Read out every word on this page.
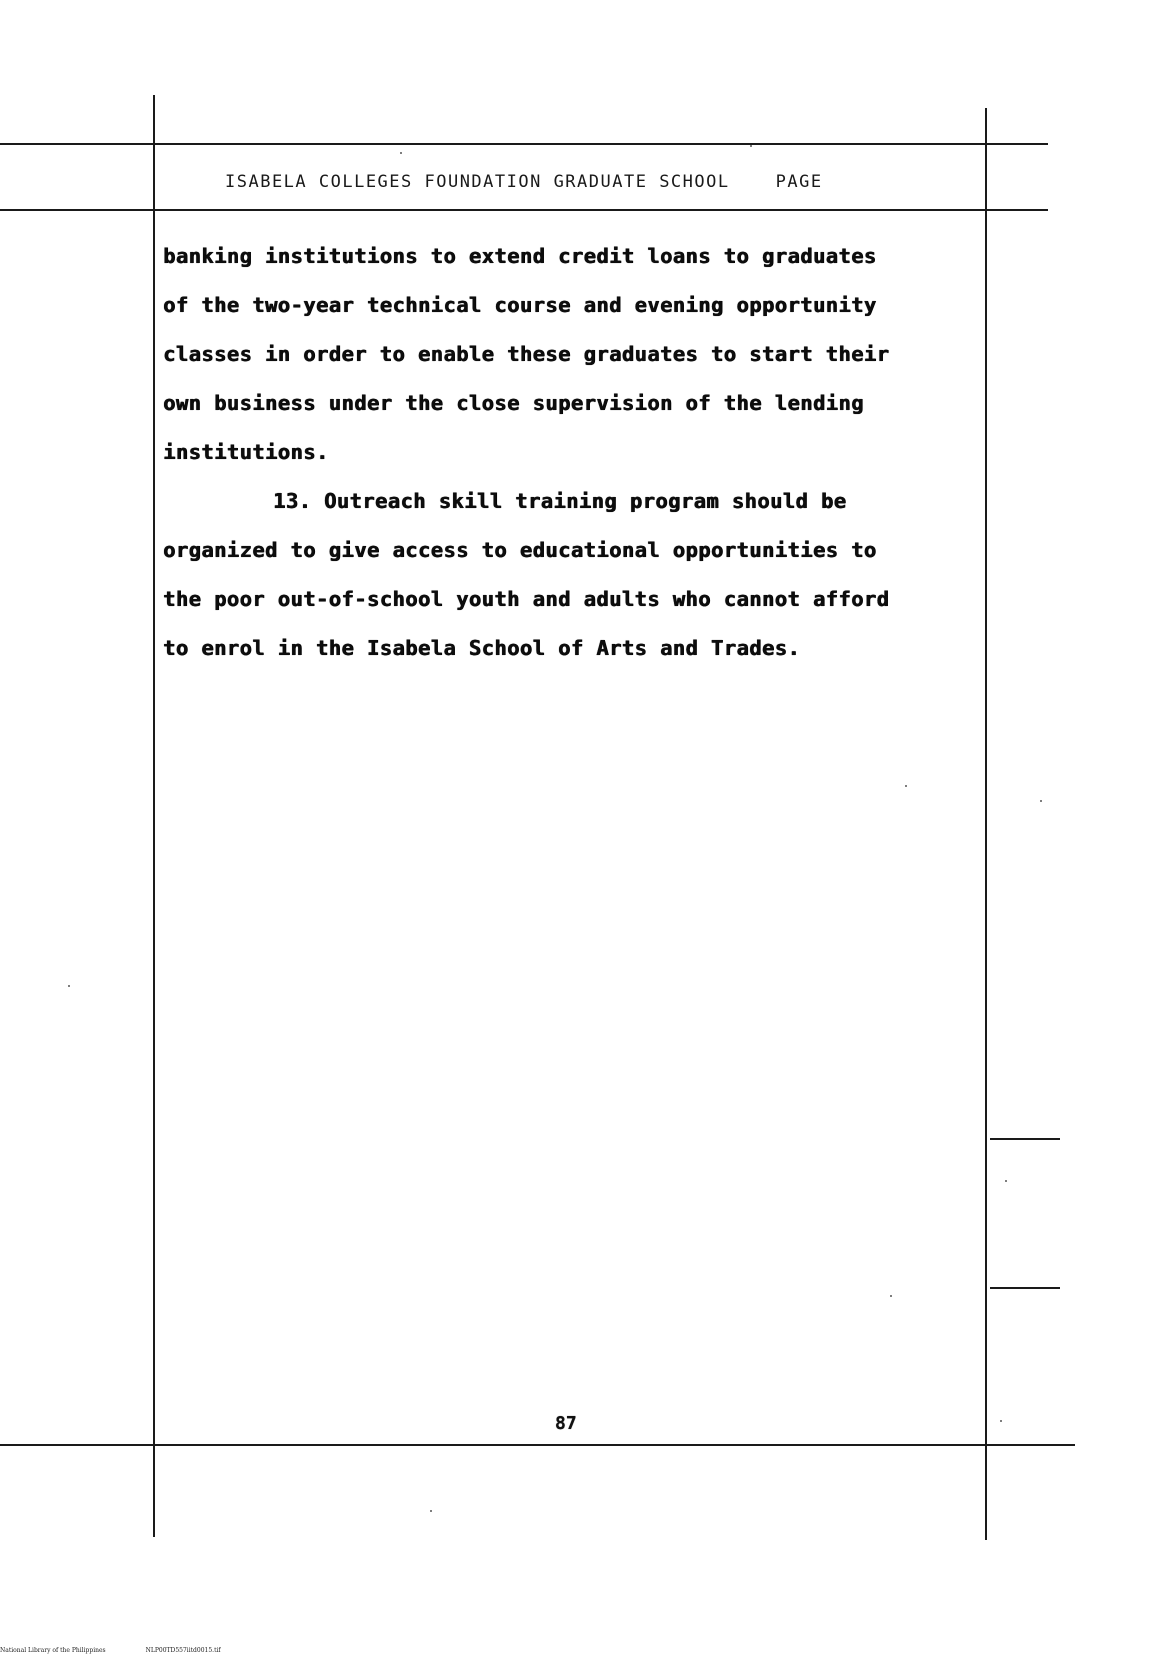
ISABELA COLLEGES FOUNDATION GRADUATE SCHOOL	PAGE
banking institutions to extend credit loans to graduates
of the two-year technical course and evening opportunity
classes in order to enable these graduates to start their
own business under the close supervision of the lending
institutions.
13. Outreach skill training program should be
organized to give access to educational opportunities to
the poor out-of-school youth and adults who cannot afford
to enrol in the Isabela School of Arts and Trades.
87
National Library of the Philippines	NLP00TD557iitd0015.tif
